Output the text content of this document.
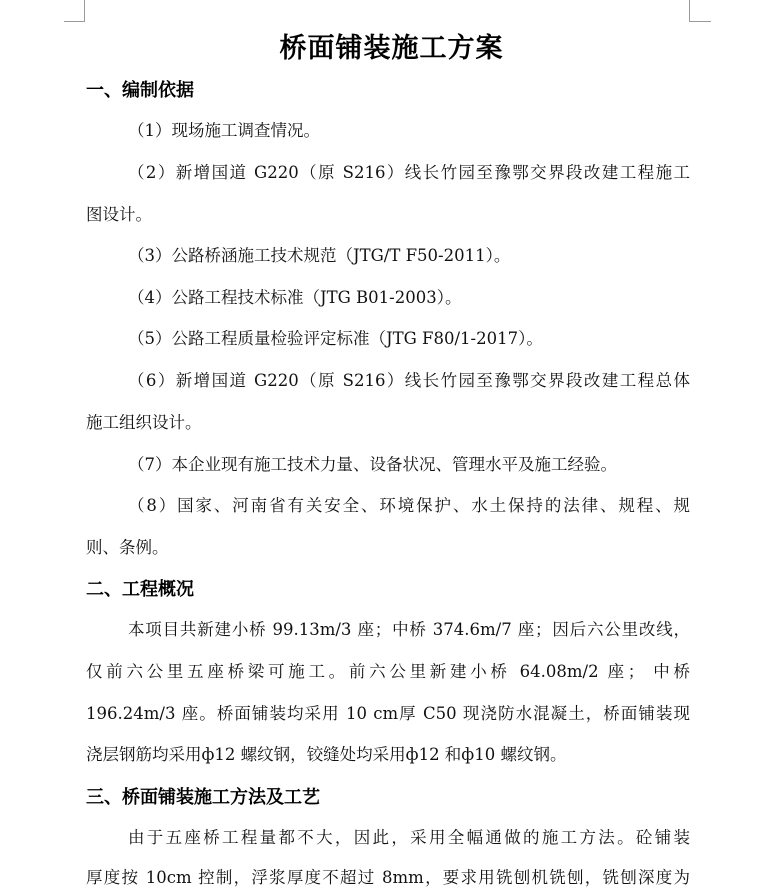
桥面铺装施工方案
一、编制依据
（1）现场施工调查情况。
（2）新增国道 G220（原 S216）线长竹园至豫鄂交界段改建工程施工
图设计。
（3）公路桥涵施工技术规范（JTG/T F50-2011）。
（4）公路工程技术标准（JTG B01-2003）。
（5）公路工程质量检验评定标准（JTG F80/1-2017）。
（6）新增国道 G220（原 S216）线长竹园至豫鄂交界段改建工程总体
施工组织设计。
（7）本企业现有施工技术力量、设备状况、管理水平及施工经验。
（8）国家、河南省有关安全、环境保护、水土保持的法律、规程、规
则、条例。
二、工程概况
本项目共新建小桥 99.13m/3 座；中桥 374.6m/7 座；因后六公里改线，
仅前六公里五座桥梁可施工。前六公里新建小桥 64.08m/2 座； 中桥
196.24m/3 座。桥面铺装均采用 10 cm厚 C50 现浇防水混凝土，桥面铺装现
浇层钢筋均采用ф12 螺纹钢，铰缝处均采用ф12 和ф10 螺纹钢。
三、桥面铺装施工方法及工艺
由于五座桥工程量都不大，因此，采用全幅通做的施工方法。砼铺装
厚度按 10cm 控制，浮浆厚度不超过 8mm，要求用铣刨机铣刨，铣刨深度为
